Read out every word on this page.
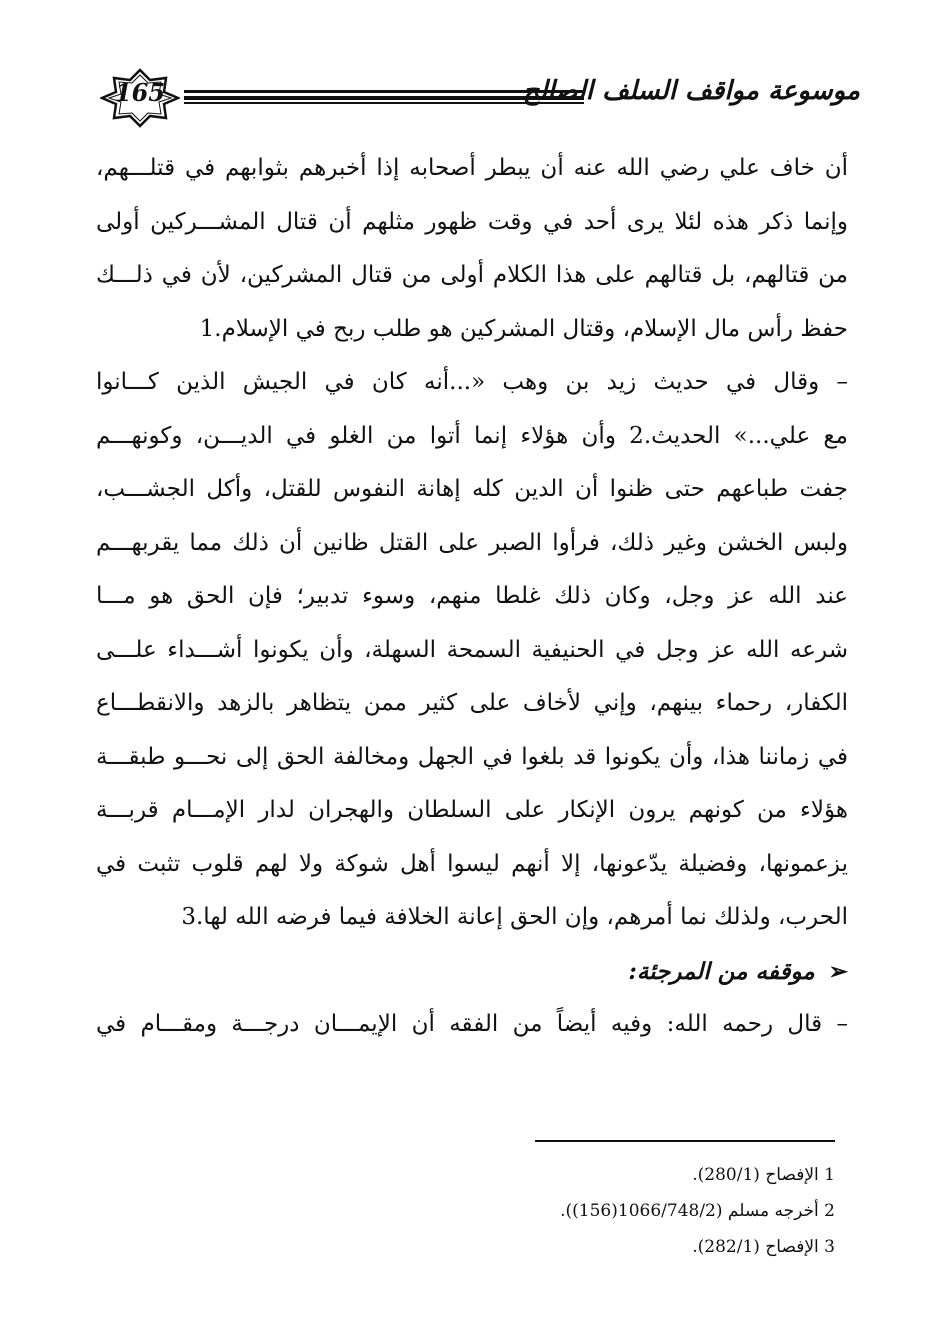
165	موسوعة مواقف السلف الصالح
أن خاف علي رضي الله عنه أن يبطر أصحابه إذا أخبرهم بثوابهم في قتلـــهم،
وإنما ذكر هذه لئلا يرى أحد في وقت ظهور مثلهم أن قتال المشـــركين أولى
من قتالهم، بل قتالهم على هذا الكلام أولى من قتال المشركين، لأن في ذلـــك
حفظ رأس مال الإسلام، وقتال المشركين هو طلب ربح في الإسلام.1
– وقال في حديث زيد بن وهب «...أنه كان في الجيش الذين كـــانوا
مع علي...» الحديث.2 وأن هؤلاء إنما أتوا من الغلو في الديـــن، وكونهـــم
جفت طباعهم حتى ظنوا أن الدين كله إهانة النفوس للقتل، وأكل الجشـــب،
ولبس الخشن وغير ذلك، فرأوا الصبر على القتل ظانين أن ذلك مما يقربهـــم
عند الله عز وجل، وكان ذلك غلطا منهم، وسوء تدبير؛ فإن الحق هو مـــا
شرعه الله عز وجل في الحنيفية السمحة السهلة، وأن يكونوا أشـــداء علـــى
الكفار، رحماء بينهم، وإني لأخاف على كثير ممن يتظاهر بالزهد والانقطـــاع
في زماننا هذا، وأن يكونوا قد بلغوا في الجهل ومخالفة الحق إلى نحـــو طبقـــة
هؤلاء من كونهم يرون الإنكار على السلطان والهجران لدار الإمـــام قربـــة
يزعمونها، وفضيلة يدّعونها، إلا أنهم ليسوا أهل شوكة ولا لهم قلوب تثبت في
الحرب، ولذلك نما أمرهم، وإن الحق إعانة الخلافة فيما فرضه الله لها.3
➢موقفه من المرجئة:
– قال رحمه الله: وفيه أيضاً من الفقه أن الإيمـــان درجـــة ومقـــام في
1 الإفصاح (280/1).
2 أخرجه مسلم (1066/748/2(156)).
3 الإفصاح (282/1).
